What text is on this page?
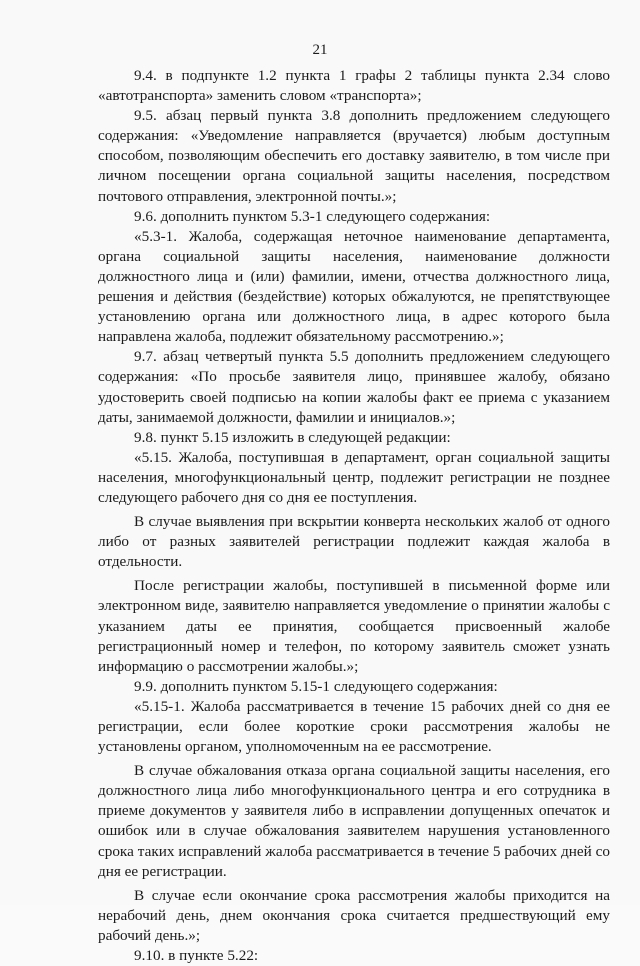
21

9.4. в подпункте 1.2 пункта 1 графы 2 таблицы пункта 2.34 слово «автотранспорта» заменить словом «транспорта»;

9.5. абзац первый пункта 3.8 дополнить предложением следующего содержания: «Уведомление направляется (вручается) любым доступным способом, позволяющим обеспечить его доставку заявителю, в том числе при личном посещении органа социальной защиты населения, посредством почтового отправления, электронной почты.»;

9.6. дополнить пунктом 5.3-1 следующего содержания:

«5.3-1. Жалоба, содержащая неточное наименование департамента, органа социальной защиты населения, наименование должности должностного лица и (или) фамилии, имени, отчества должностного лица, решения и действия (бездействие) которых обжалуются, не препятствующее установлению органа или должностного лица, в адрес которого была направлена жалоба, подлежит обязательному рассмотрению.»;

9.7. абзац четвертый пункта 5.5 дополнить предложением следующего содержания: «По просьбе заявителя лицо, принявшее жалобу, обязано удостоверить своей подписью на копии жалобы факт ее приема с указанием даты, занимаемой должности, фамилии и инициалов.»;

9.8. пункт 5.15 изложить в следующей редакции:

«5.15. Жалоба, поступившая в департамент, орган социальной защиты населения, многофункциональный центр, подлежит регистрации не позднее следующего рабочего дня со дня ее поступления.

В случае выявления при вскрытии конверта нескольких жалоб от одного либо от разных заявителей регистрации подлежит каждая жалоба в отдельности.

После регистрации жалобы, поступившей в письменной форме или электронном виде, заявителю направляется уведомление о принятии жалобы с указанием даты ее принятия, сообщается присвоенный жалобе регистрационный номер и телефон, по которому заявитель сможет узнать информацию о рассмотрении жалобы.»;

9.9. дополнить пунктом 5.15-1 следующего содержания:

«5.15-1. Жалоба рассматривается в течение 15 рабочих дней со дня ее регистрации, если более короткие сроки рассмотрения жалобы не установлены органом, уполномоченным на ее рассмотрение.

В случае обжалования отказа органа социальной защиты населения, его должностного лица либо многофункционального центра и его сотрудника в приеме документов у заявителя либо в исправлении допущенных опечаток и ошибок или в случае обжалования заявителем нарушения установленного срока таких исправлений жалоба рассматривается в течение 5 рабочих дней со дня ее регистрации.

В случае если окончание срока рассмотрения жалобы приходится на нерабочий день, днем окончания срока считается предшествующий ему рабочий день.»;

9.10. в пункте 5.22:
